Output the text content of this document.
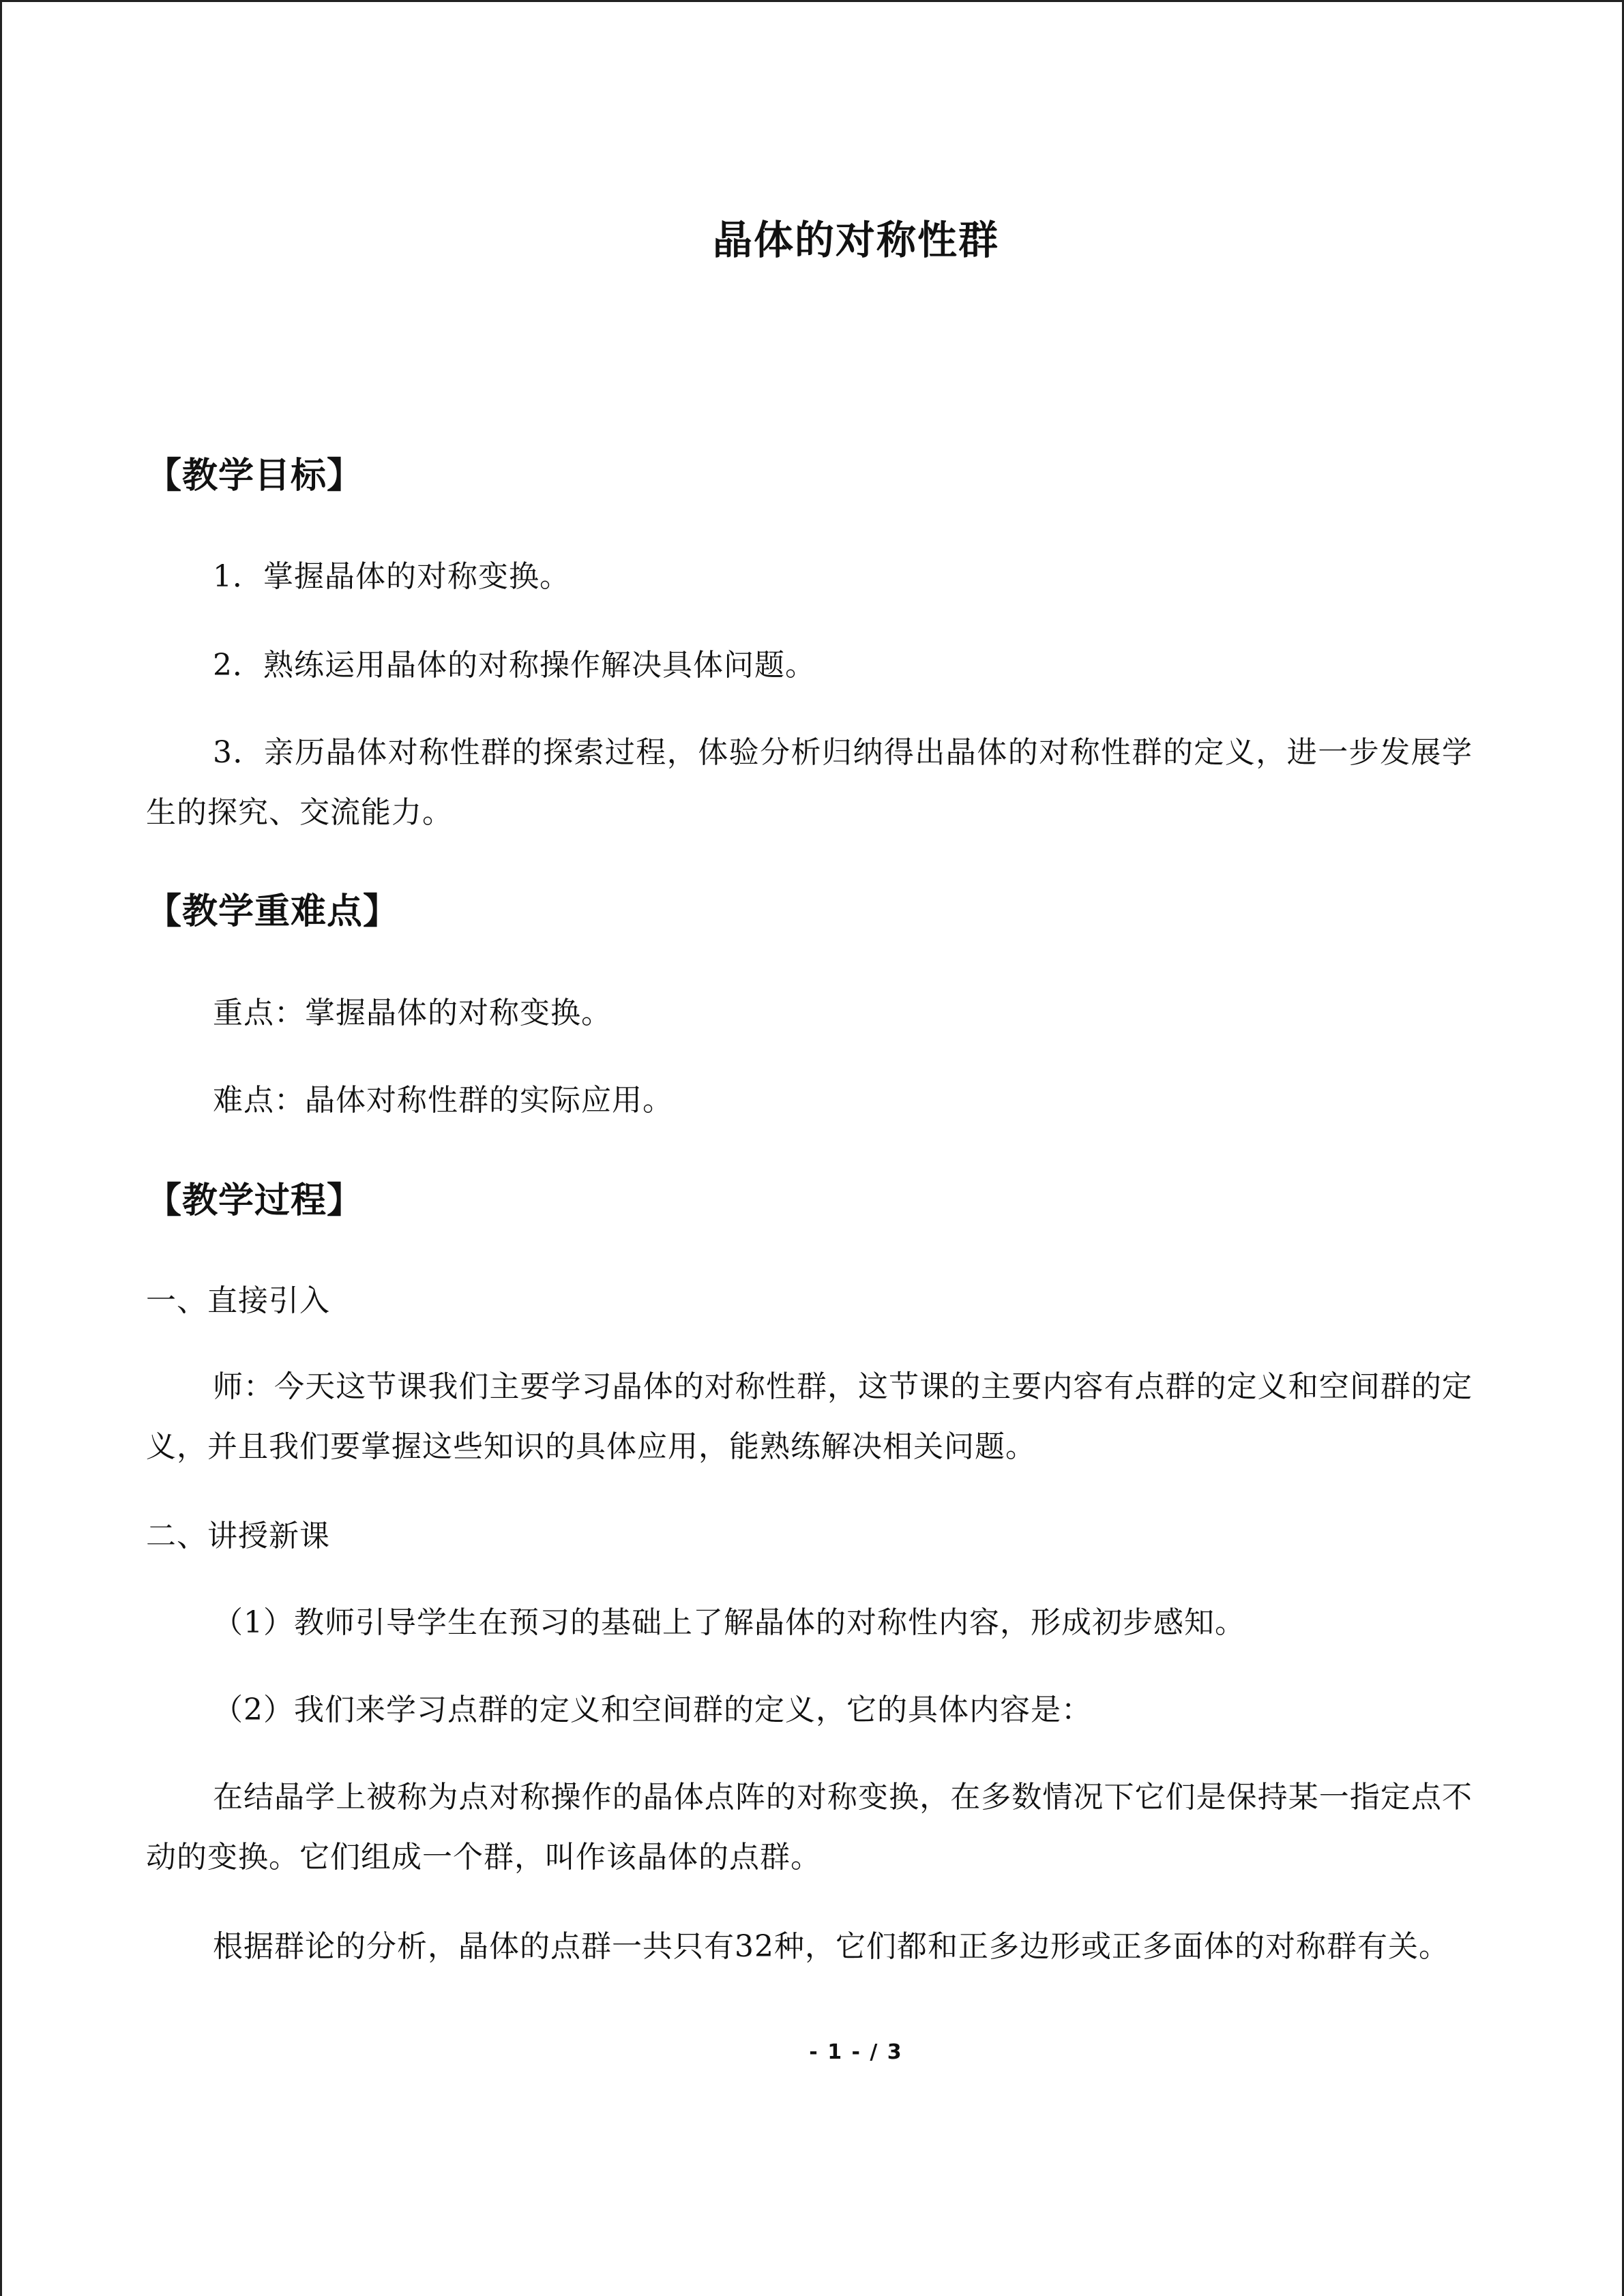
晶体的对称性群
【教学目标】
1．掌握晶体的对称变换。
2．熟练运用晶体的对称操作解决具体问题。
3．亲历晶体对称性群的探索过程，体验分析归纳得出晶体的对称性群的定义，进一步发展学生的探究、交流能力。
【教学重难点】
重点：掌握晶体的对称变换。
难点：晶体对称性群的实际应用。
【教学过程】
一、直接引入
师：今天这节课我们主要学习晶体的对称性群，这节课的主要内容有点群的定义和空间群的定义，并且我们要掌握这些知识的具体应用，能熟练解决相关问题。
二、讲授新课
（1）教师引导学生在预习的基础上了解晶体的对称性内容，形成初步感知。
（2）我们来学习点群的定义和空间群的定义，它的具体内容是：
在结晶学上被称为点对称操作的晶体点阵的对称变换，在多数情况下它们是保持某一指定点不动的变换。它们组成一个群，叫作该晶体的点群。
根据群论的分析，晶体的点群一共只有32种，它们都和正多边形或正多面体的对称群有关。
- 1 - / 3
